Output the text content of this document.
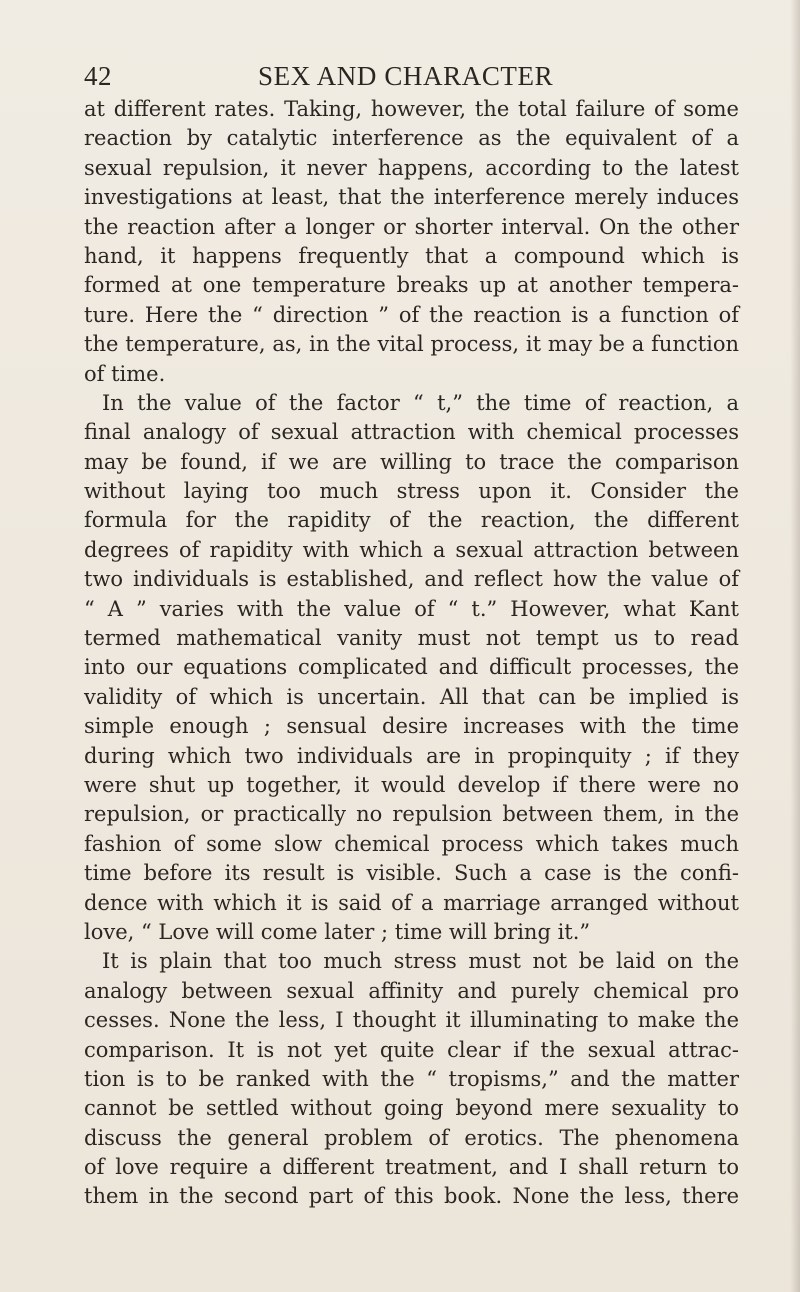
42	SEX AND CHARACTER
at different rates. Taking, however, the total failure of some
reaction by catalytic interference as the equivalent of a
sexual repulsion, it never happens, according to the latest
investigations at least, that the interference merely induces
the reaction after a longer or shorter interval. On the other
hand, it happens frequently that a compound which is
formed at one temperature breaks up at another tempera-
ture. Here the “ direction ” of the reaction is a function of
the temperature, as, in the vital process, it may be a function
of time.
In the value of the factor “ t,” the time of reaction, a
final analogy of sexual attraction with chemical processes
may be found, if we are willing to trace the comparison
without laying too much stress upon it. Consider the
formula for the rapidity of the reaction, the different
degrees of rapidity with which a sexual attraction between
two individuals is established, and reflect how the value of
“ A ” varies with the value of “ t.” However, what Kant
termed mathematical vanity must not tempt us to read
into our equations complicated and difficult processes, the
validity of which is uncertain. All that can be implied is
simple enough ; sensual desire increases with the time
during which two individuals are in propinquity ; if they
were shut up together, it would develop if there were no
repulsion, or practically no repulsion between them, in the
fashion of some slow chemical process which takes much
time before its result is visible. Such a case is the confi-
dence with which it is said of a marriage arranged without
love, “ Love will come later ; time will bring it.”
It is plain that too much stress must not be laid on the
analogy between sexual affinity and purely chemical pro
cesses. None the less, I thought it illuminating to make the
comparison. It is not yet quite clear if the sexual attrac-
tion is to be ranked with the “ tropisms,” and the matter
cannot be settled without going beyond mere sexuality to
discuss the general problem of erotics. The phenomena
of love require a different treatment, and I shall return to
them in the second part of this book. None the less, there
